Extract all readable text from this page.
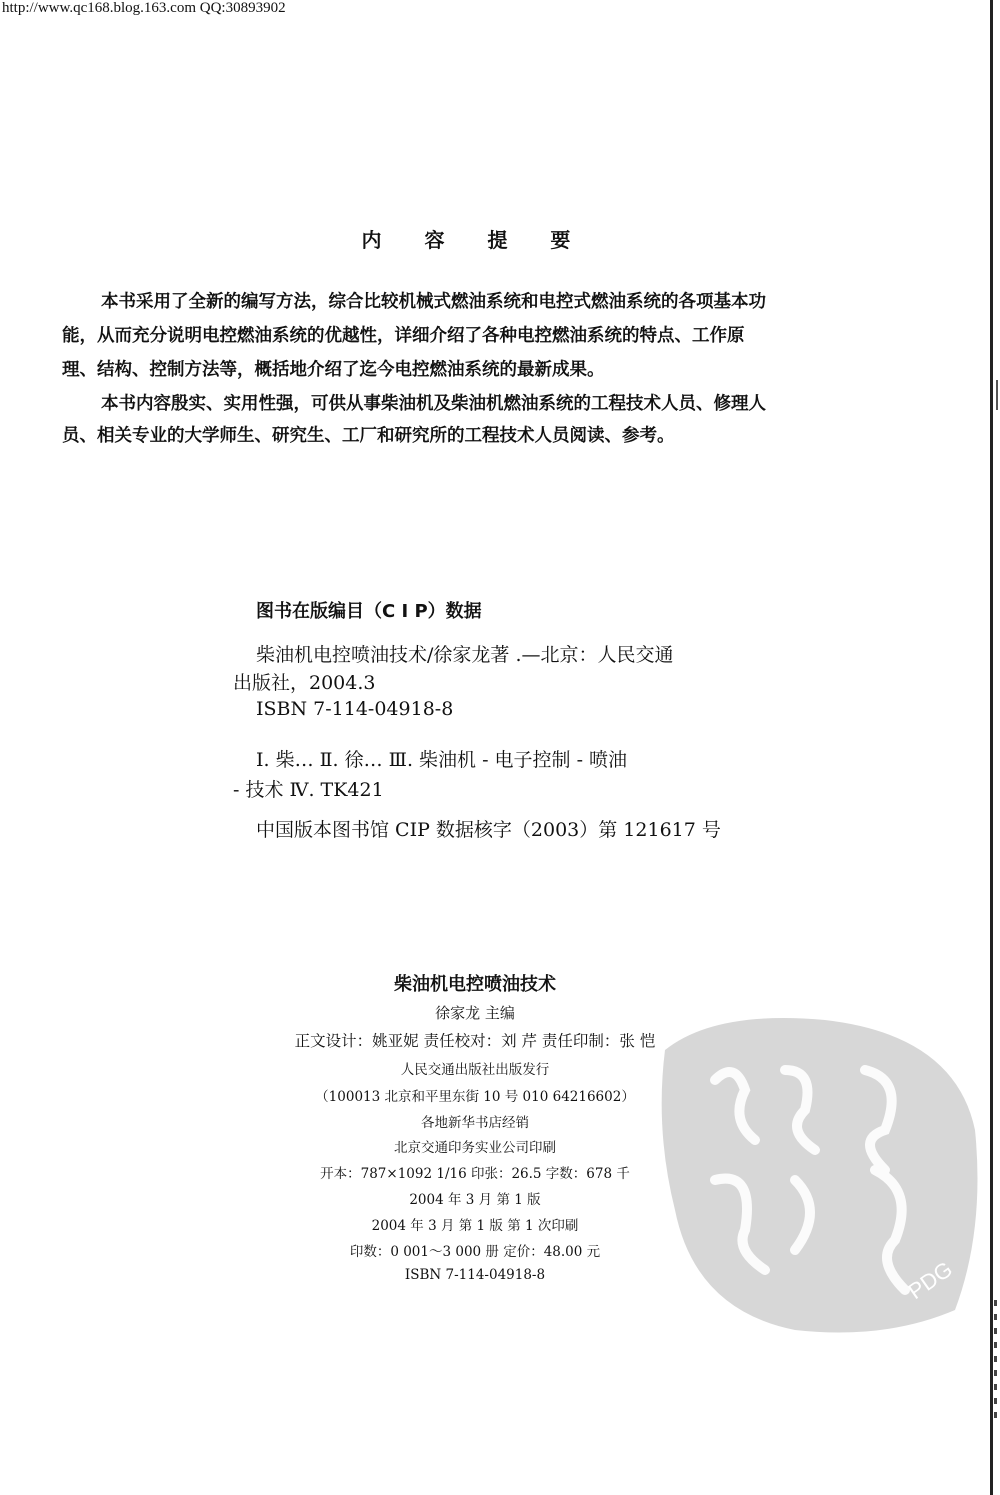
http://www.qc168.blog.163.com QQ:30893902
内 容 提 要
本书采用了全新的编写方法，综合比较机械式燃油系统和电控式燃油系统的各项基本功
能，从而充分说明电控燃油系统的优越性，详细介绍了各种电控燃油系统的特点、工作原
理、结构、控制方法等，概括地介绍了迄今电控燃油系统的最新成果。
本书内容殷实、实用性强，可供从事柴油机及柴油机燃油系统的工程技术人员、修理人
员、相关专业的大学师生、研究生、工厂和研究所的工程技术人员阅读、参考。
图书在版编目（C I P）数据
柴油机电控喷油技术/徐家龙著 .—北京：人民交通
出版社，2004.3
ISBN 7-114-04918-8
Ⅰ. 柴… Ⅱ. 徐… Ⅲ. 柴油机 - 电子控制 - 喷油
- 技术 Ⅳ. TK421
中国版本图书馆 CIP 数据核字（2003）第 121617 号
柴油机电控喷油技术
徐家龙 主编
正文设计：姚亚妮 责任校对：刘 芹 责任印制：张 恺
人民交通出版社出版发行
（100013 北京和平里东街 10 号 010 64216602）
各地新华书店经销
北京交通印务实业公司印刷
开本：787×1092 1/16 印张：26.5 字数：678 千
2004 年 3 月 第 1 版
2004 年 3 月 第 1 版 第 1 次印刷
印数：0 001～3 000 册 定价：48.00 元
ISBN 7-114-04918-8	PDG
